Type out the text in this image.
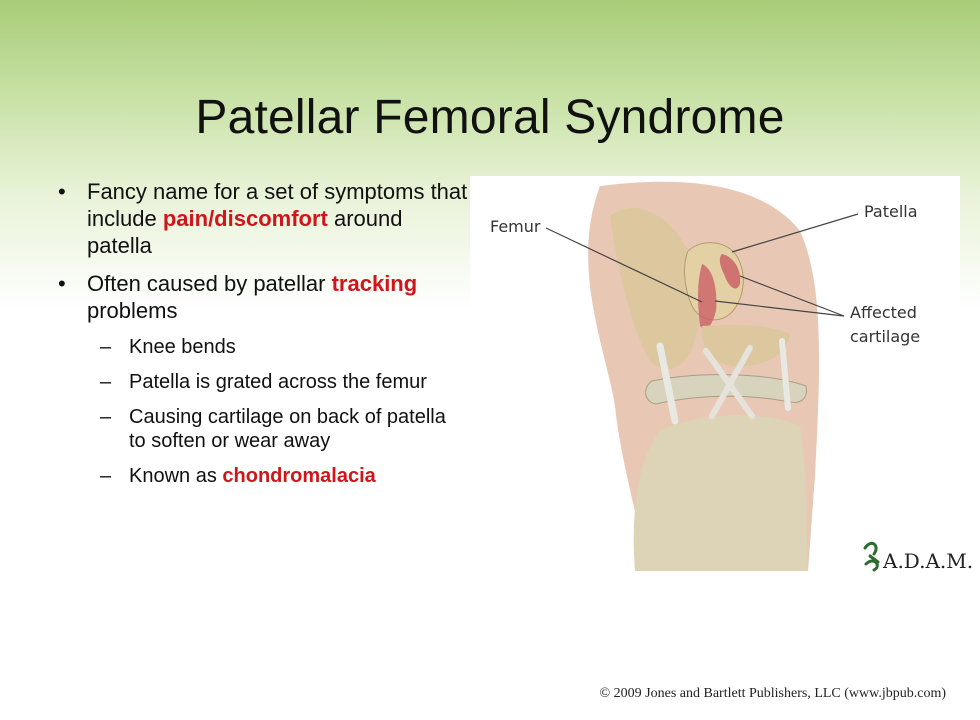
Patellar Femoral Syndrome
• Fancy name for a set of symptoms that include pain/discomfort around patella
• Often caused by patellar tracking problems
– Knee bends
– Patella is grated across the femur
– Causing cartilage on back of patella to soften or wear away
– Known as chondromalacia
Femur
Patella
Affected
cartilage
A.D.A.M.

© 2009 Jones and Bartlett Publishers, LLC (www.jbpub.com)
